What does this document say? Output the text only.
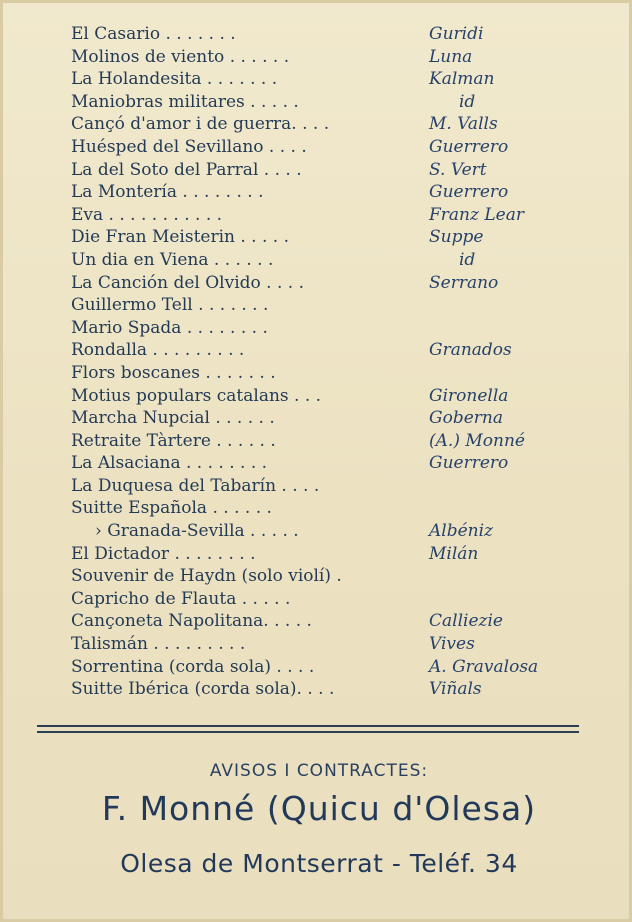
El Casario . . . . . . .	Guridi
Molinos de viento . . . . . .	Luna
La Holandesita . . . . . . .	Kalman
Maniobras militares . . . . .	id
Cançó d'amor i de guerra. . . .	M. Valls
Huésped del Sevillano . . . .	Guerrero
La del Soto del Parral . . . .	S. Vert
La Montería . . . . . . . .	Guerrero
Eva . . . . . . . . . . .	Franz Lear
Die Fran Meisterin . . . . .	Suppe
Un dia en Viena . . . . . .	id
La Canción del Olvido . . . .	Serrano
Guillermo Tell . . . . . . .
Mario Spada . . . . . . . .
Rondalla . . . . . . . . .	Granados
Flors boscanes . . . . . . .
Motius populars catalans . . .	Gironella
Marcha Nupcial . . . . . .	Goberna
Retraite Tàrtere . . . . . .	(A.) Monné
La Alsaciana . . . . . . . .	Guerrero
La Duquesa del Tabarín . . . .
Suitte Española . . . . . .
› Granada-Sevilla . . . . .	Albéniz
El Dictador . . . . . . . .	Milán
Souvenir de Haydn (solo violí) .
Capricho de Flauta . . . . .
Cançoneta Napolitana. . . . .	Calliezie
Talismán . . . . . . . . .	Vives
Sorrentina (corda sola) . . . .	A. Gravalosa
Suitte Ibérica (corda sola). . . .	Viñals
AVISOS I CONTRACTES:
F. Monné (Quicu d'Olesa)
Olesa de Montserrat - Teléf. 34
